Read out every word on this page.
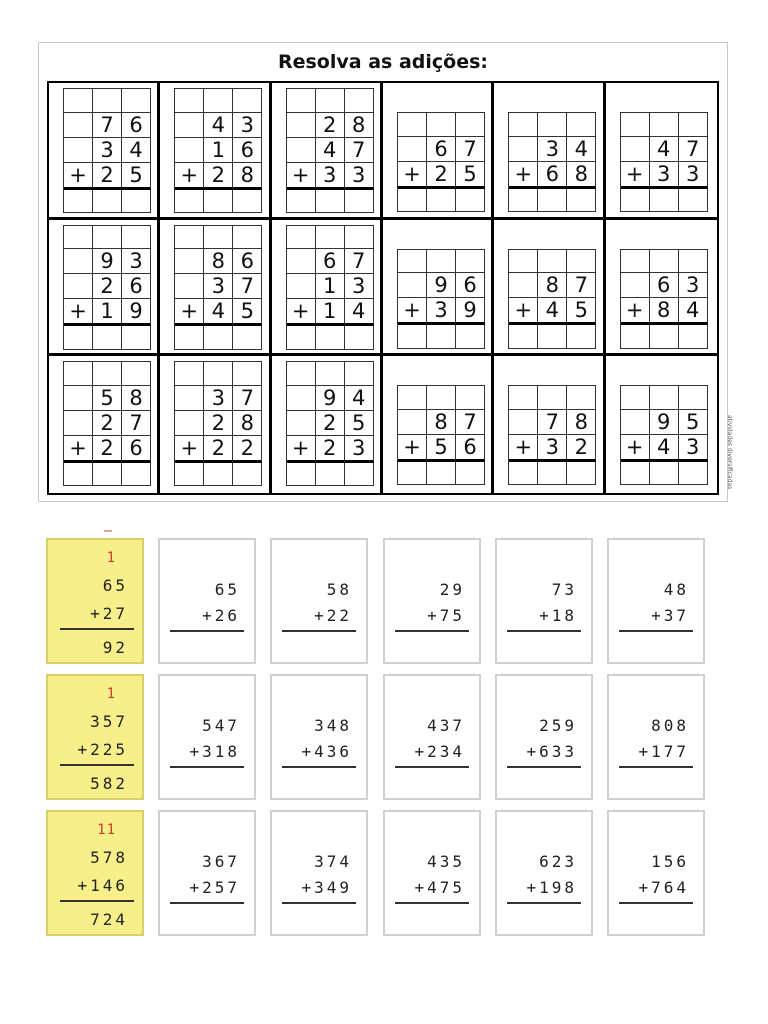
Resolva as adições:
7 6
3 4
+ 2 5
4 3
1 6
+ 2 8
2 8
4 7
+ 3 3
6 7
+ 2 5
3 4
+ 6 8
4 7
+ 3 3
9 3
2 6
+ 1 9
8 6
3 7
+ 4 5
6 7
1 3
+ 1 4
9 6
+ 3 9
8 7
+ 4 5
6 3
+ 8 4
5 8
2 7
+ 2 6
3 7
2 8
+ 2 2
9 4
2 5
+ 2 3
8 7
+ 5 6
7 8
+ 3 2
9 5
+ 4 3	atividades diversificadas
1
65
+27
92
65
+26
58
+22
29
+75
73
+18
48
+37
1
357
+225
582
547
+318
348
+436
437
+234
259
+633
808
+177
11
578
+146
724
367
+257
374
+349
435
+475
623
+198
156
+764
